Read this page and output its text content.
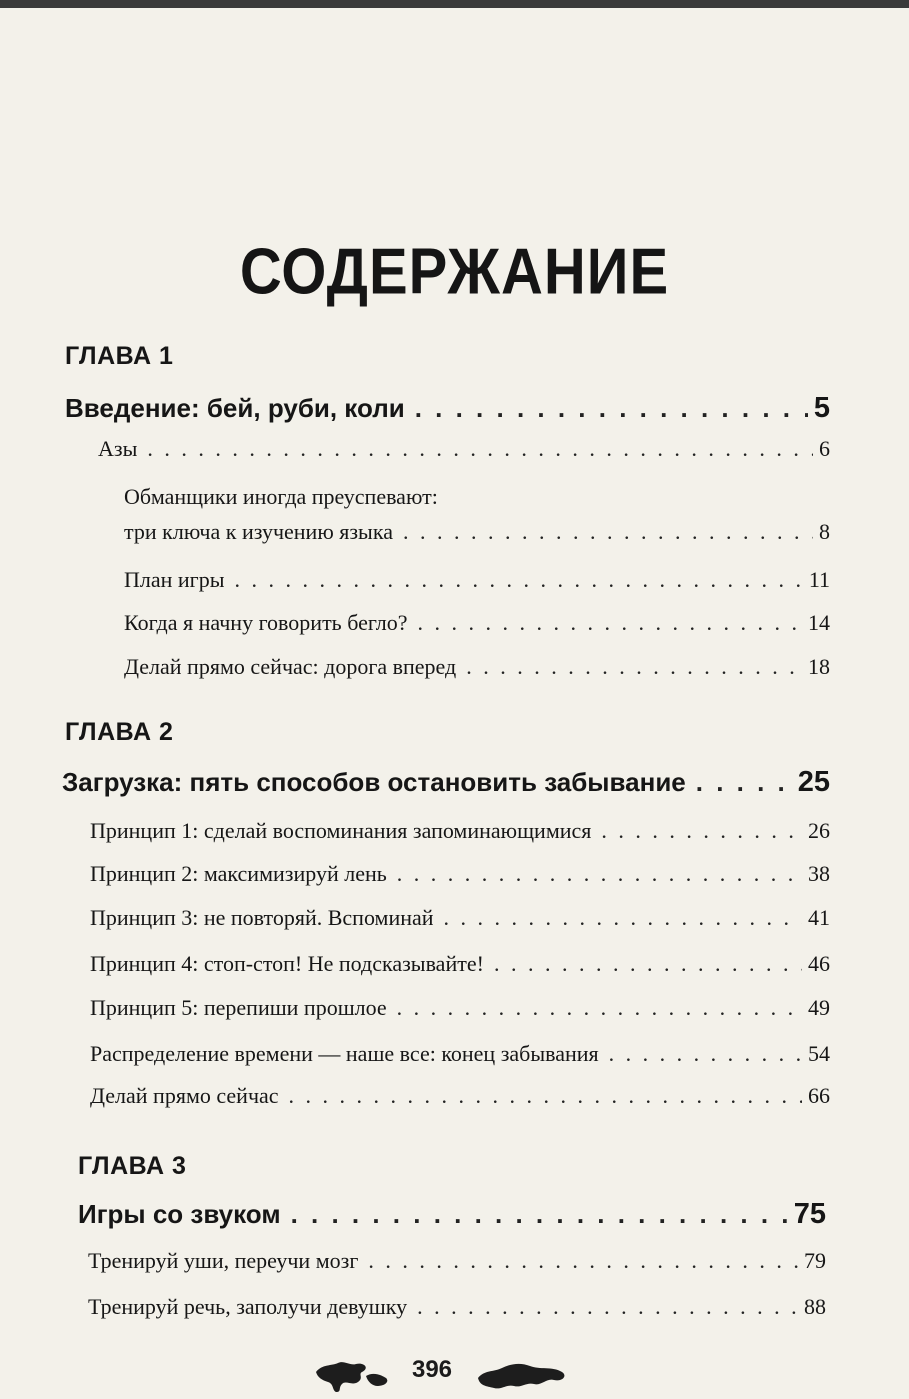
СОДЕРЖАНИЕ
ГЛАВА 1
Введение: бей, руби, коли . . .	5
Азы . . .	6
Обманщики иногда преуспевают:
три ключа к изучению языка . . .	8
План игры . . .	11
Когда я начну говорить бегло? . . .	14
Делай прямо сейчас: дорога вперед . . .	18
ГЛАВА 2
Загрузка: пять способов остановить забывание . . .	25
Принцип 1: сделай воспоминания запоминающимися . . .	26
Принцип 2: максимизируй лень . . .	38
Принцип 3: не повторяй. Вспоминай . . .	41
Принцип 4: стоп-стоп! Не подсказывайте! . . .	46
Принцип 5: перепиши прошлое . . .	49
Распределение времени — наше все: конец забывания . . .	54
Делай прямо сейчас . . .	66
ГЛАВА 3
Игры со звуком . . .	75
Тренируй уши, переучи мозг . . .	79
Тренируй речь, заполучи девушку . . .	88
396
